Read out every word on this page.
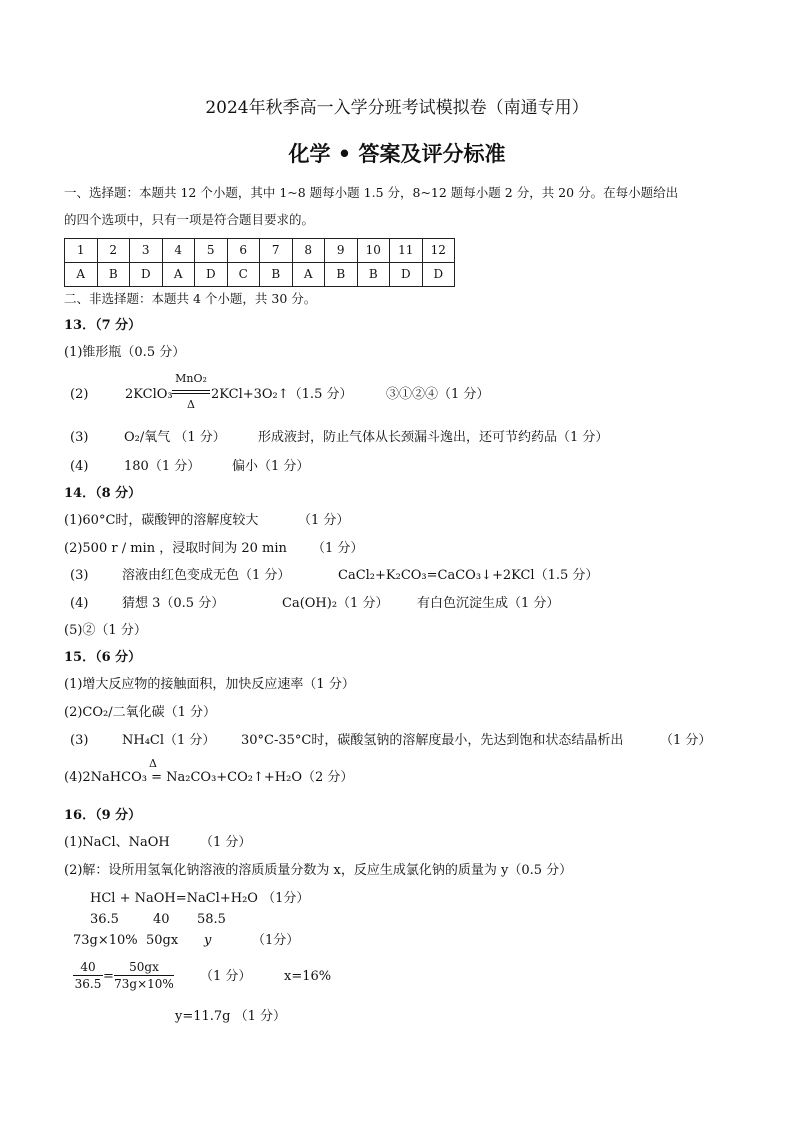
2024年秋季高一入学分班考试模拟卷（南通专用）
化学 • 答案及评分标准
一、选择题：本题共 12 个小题，其中 1~8 题每小题 1.5 分，8~12 题每小题 2 分，共 20 分。在每小题给出
的四个选项中，只有一项是符合题目要求的。
1	2	3	4	5	6	7	8	9	10	11	12
A	B	D	A	D	C	B	A	B	B	D	D
二、非选择题：本题共 4 个小题，共 30 分。
13．（7 分）
(1)锥形瓶（0.5 分）
(2)	2KClO₃
MnO₂
Δ
2KCl+3O₂↑（1.5 分）	③①②④（1 分）
(3)	O₂/氧气 （1 分） 形成液封，防止气体从长颈漏斗逸出，还可节约药品（1 分）
(4)	180（1 分） 偏小（1 分）
14．（8 分）
(1)60°C时，碳酸钾的溶解度较大	（1 分）
(2)500 r / min ，浸取时间为 20 min （1 分）
(3)	溶液由红色变成无色（1 分）	CaCl₂+K₂CO₃=CaCO₃↓+2KCl（1.5 分）
(4)	猜想 3（0.5 分）	Ca(OH)₂（1 分） 有白色沉淀生成（1 分）
(5)②（1 分）
15．（6 分）
(1)增大反应物的接触面积，加快反应速率（1 分）
(2)CO₂/二氧化碳（1 分）
(3)	NH₄Cl（1 分） 30°C-35°C时，碳酸氢钠的溶解度最小，先达到饱和状态结晶析出	（1 分）
Δ
(4)2NaHCO₃ = Na₂CO₃+CO₂↑+H₂O（2 分）
16．（9 分）
(1)NaCl、NaOH （1 分）
(2)解：设所用氢氧化钠溶液的溶质质量分数为 x，反应生成氯化钠的质量为 y（0.5 分）
HCl + NaOH=NaCl+H₂O （1分）
36.5	40 58.5
73g×10% 50gx y	（1分）
40
36.5 =
50gx
73g×10% （1 分）	x=16%
y=11.7g （1 分）
